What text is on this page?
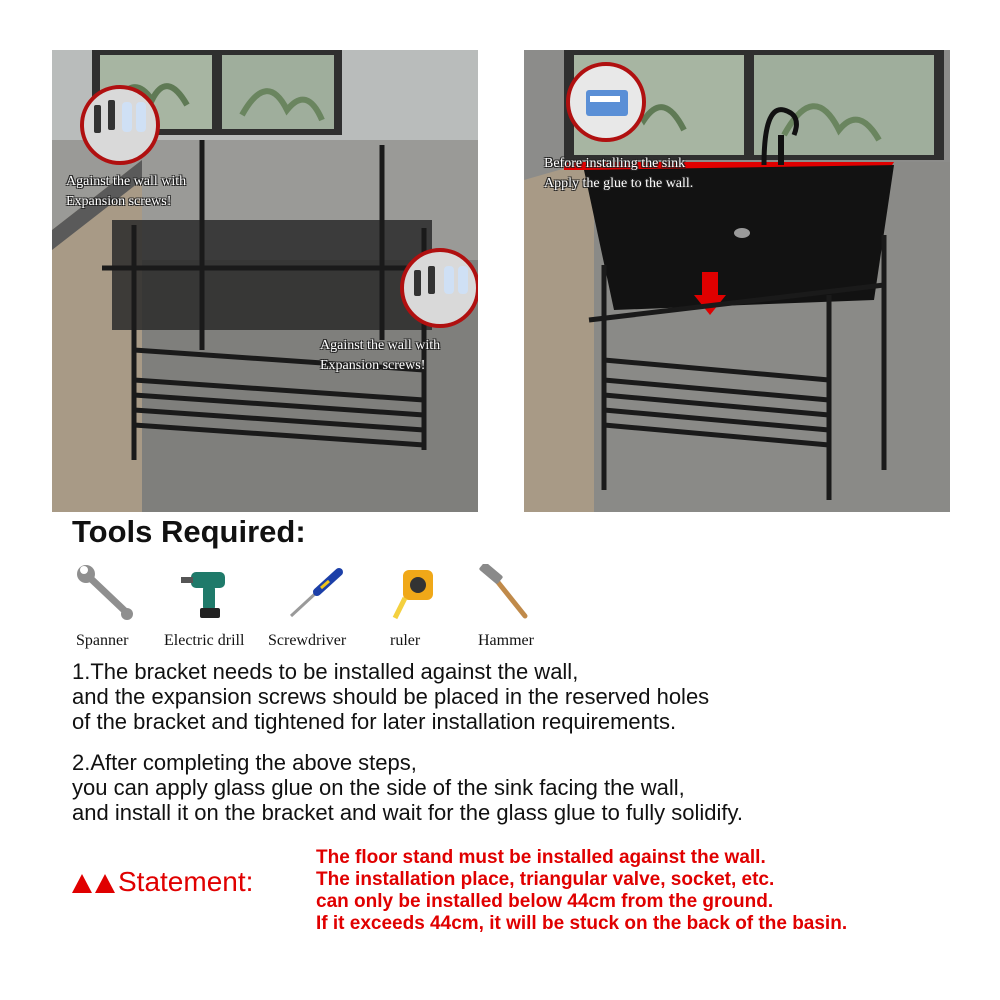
Against the wall with
Expansion screws!
Against the wall with
Expansion screws!
Before installing the sink
Apply the glue to the wall.
Tools Required:
Spanner Electric drill Screwdriver	ruler	Hammer
1.The bracket needs to be installed against the wall,
and the expansion screws should be placed in the reserved holes
of the bracket and tightened for later installation requirements.
2.After completing the above steps,
you can apply glass glue on the side of the sink facing the wall,
and install it on the bracket and wait for the glass glue to fully solidify.
Statement:
The floor stand must be installed against the wall.
The installation place, triangular valve, socket, etc.
can only be installed below 44cm from the ground.
If it exceeds 44cm, it will be stuck on the back of the basin.
